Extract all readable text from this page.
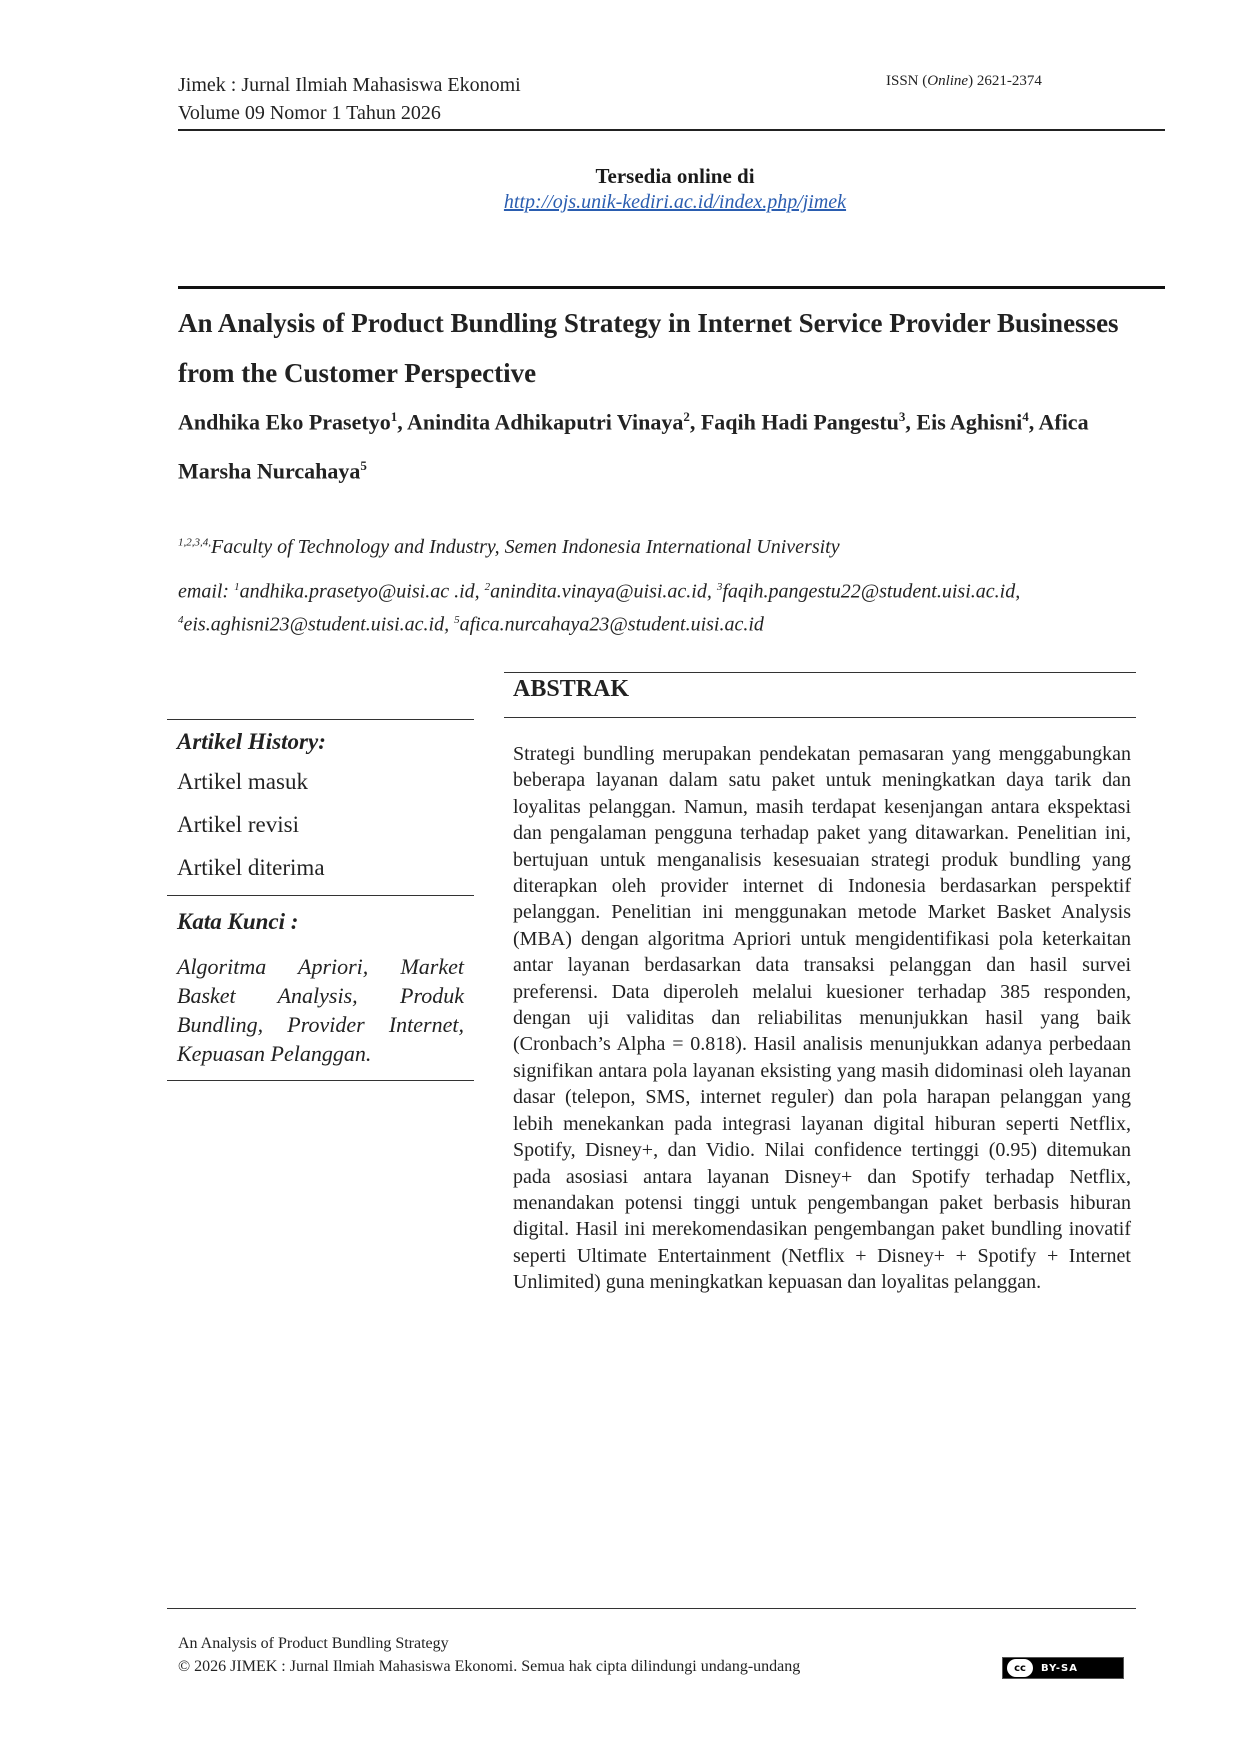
Jimek : Jurnal Ilmiah Mahasiswa Ekonomi
Volume 09 Nomor 1 Tahun 2026
ISSN (Online) 2621-2374
Tersedia online di
http://ojs.unik-kediri.ac.id/index.php/jimek
An Analysis of Product Bundling Strategy in Internet Service Provider Businesses from the Customer Perspective
Andhika Eko Prasetyo$^1$, Anindita Adhikaputri Vinaya$^2$, Faqih Hadi Pangestu$^3$, Eis Aghisni$^4$, Afica Marsha Nurcahaya$^5$
$^{1,2,3,4,}$Faculty of Technology and Industry, Semen Indonesia International University
email: $^1$andhika.prasetyo@uisi.ac .id, $^2$anindita.vinaya@uisi.ac.id, $^3$faqih.pangestu22@student.uisi.ac.id,
$^4$eis.aghisni23@student.uisi.ac.id, $^5$afica.nurcahaya23@student.uisi.ac.id
Artikel History:
Artikel masuk
Artikel revisi
Artikel diterima
Kata Kunci :
Algoritma Apriori, Market Basket Analysis, Produk Bundling, Provider Internet, Kepuasan Pelanggan.
ABSTRAK
Strategi bundling merupakan pendekatan pemasaran yang menggabungkan beberapa layanan dalam satu paket untuk meningkatkan daya tarik dan loyalitas pelanggan. Namun, masih terdapat kesenjangan antara ekspektasi dan pengalaman pengguna terhadap paket yang ditawarkan. Penelitian ini, bertujuan untuk menganalisis kesesuaian strategi produk bundling yang diterapkan oleh provider internet di Indonesia berdasarkan perspektif pelanggan. Penelitian ini menggunakan metode Market Basket Analysis (MBA) dengan algoritma Apriori untuk mengidentifikasi pola keterkaitan antar layanan berdasarkan data transaksi pelanggan dan hasil survei preferensi. Data diperoleh melalui kuesioner terhadap 385 responden, dengan uji validitas dan reliabilitas menunjukkan hasil yang baik (Cronbach’s Alpha = 0.818). Hasil analisis menunjukkan adanya perbedaan signifikan antara pola layanan eksisting yang masih didominasi oleh layanan dasar (telepon, SMS, internet reguler) dan pola harapan pelanggan yang lebih menekankan pada integrasi layanan digital hiburan seperti Netflix, Spotify, Disney+, dan Vidio. Nilai confidence tertinggi (0.95) ditemukan pada asosiasi antara layanan Disney+ dan Spotify terhadap Netflix, menandakan potensi tinggi untuk pengembangan paket berbasis hiburan digital. Hasil ini merekomendasikan pengembangan paket bundling inovatif seperti Ultimate Entertainment (Netflix + Disney+ + Spotify + Internet Unlimited) guna meningkatkan kepuasan dan loyalitas pelanggan.
An Analysis of Product Bundling Strategy
© 2026 JIMEK : Jurnal Ilmiah Mahasiswa Ekonomi. Semua hak cipta dilindungi undang-undang	cc	BY-SA
